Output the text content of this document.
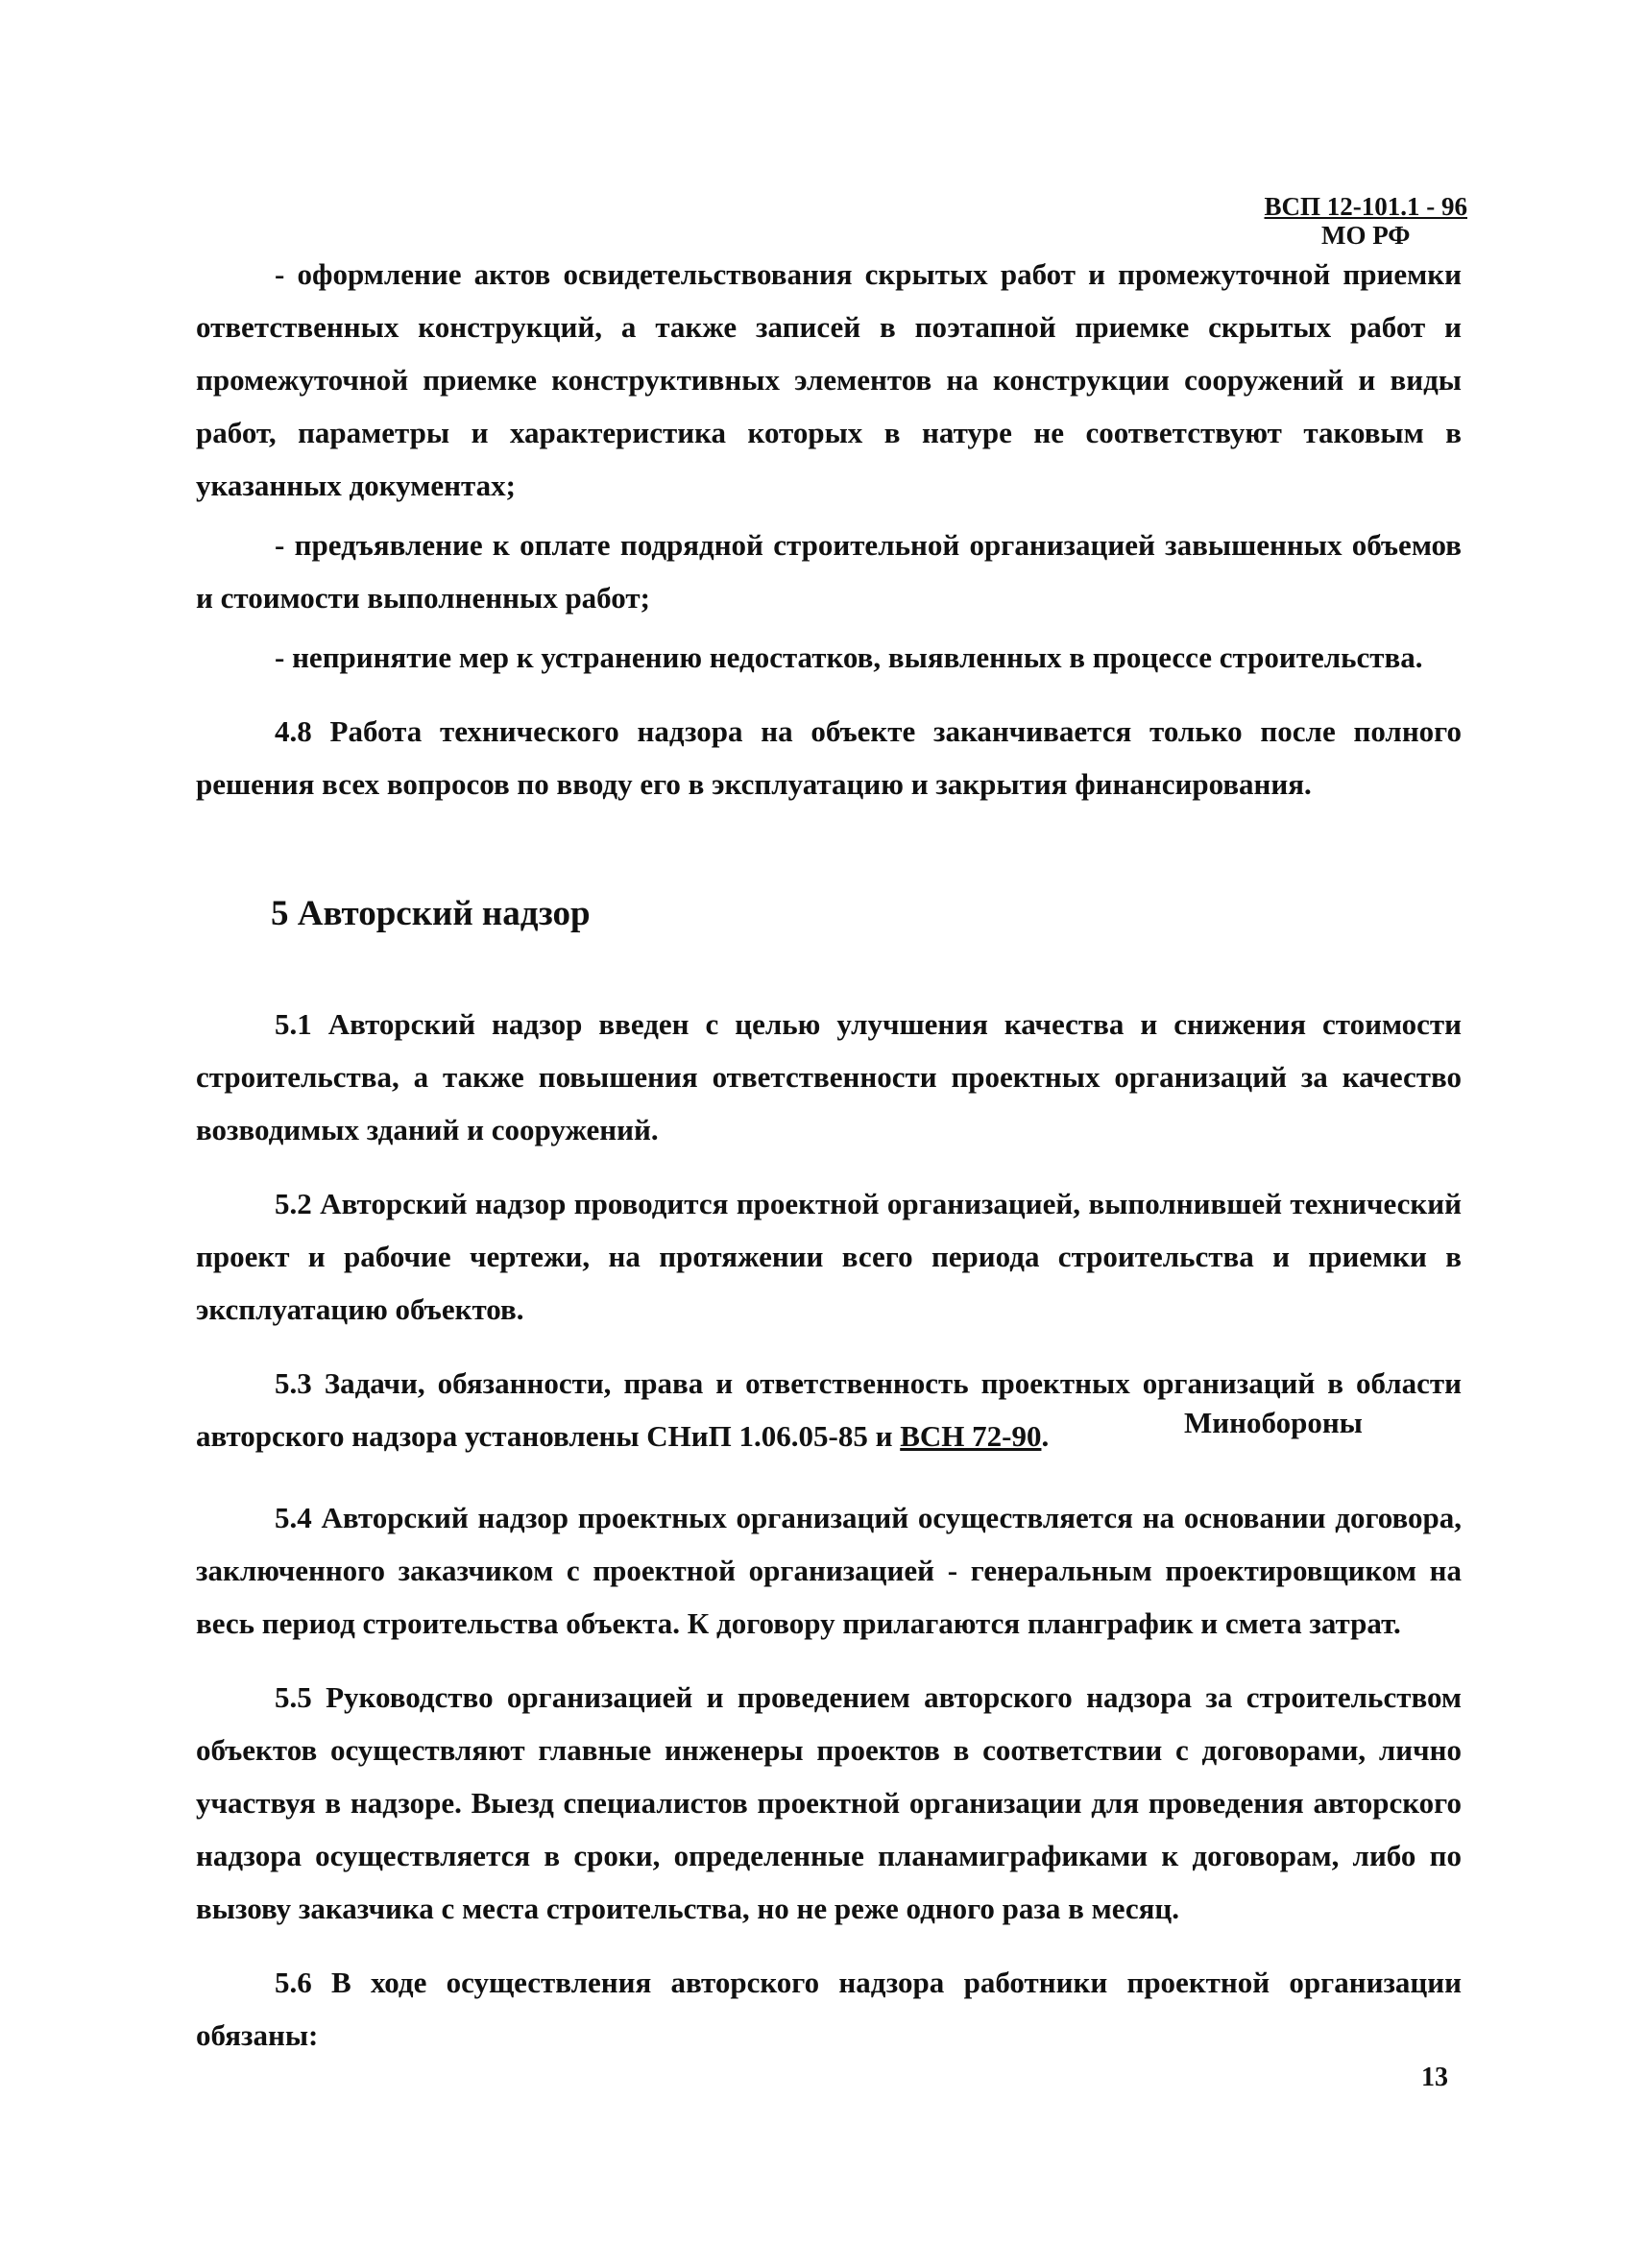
ВСП 12-101.1 - 96
МО РФ

- оформление актов освидетельствования скрытых работ и промежуточной приемки ответственных конструкций, а также записей в поэтапной приемке скрытых работ и промежуточной приемке конструктивных элементов на конструкции сооружений и виды работ, параметры и характеристика которых в натуре не соответствуют таковым в указанных документах;

- предъявление к оплате подрядной строительной организацией завышенных объемов и стоимости выполненных работ;

- непринятие мер к устранению недостатков, выявленных в процессе строительства.

4.8 Работа технического надзора на объекте заканчивается только после полного решения всех вопросов по вводу его в эксплуатацию и закрытия финансирования.

5 Авторский надзор

5.1 Авторский надзор введен с целью улучшения качества и снижения стоимости строительства, а также повышения ответственности проектных организаций за качество возводимых зданий и сооружений.

5.2 Авторский надзор проводится проектной организацией, выполнившей технический проект и рабочие чертежи, на протяжении всего периода строительства и приемки в эксплуатацию объектов.

5.3 Задачи, обязанности, права и ответственность проектных организаций в области авторского надзора установлены СНиП 1.06.05-85 и ВСН 72-90.	Минобороны

5.4 Авторский надзор проектных организаций осуществляется на основании договора, заключенного заказчиком с проектной организацией - генеральным проектировщиком на весь период строительства объекта. К договору прилагаются планграфик и смета затрат.

5.5 Руководство организацией и проведением авторского надзора за строительством объектов осуществляют главные инженеры проектов в соответствии с договорами, лично участвуя в надзоре. Выезд специалистов проектной организации для проведения авторского надзора осуществляется в сроки, определенные планамиграфиками к договорам, либо по вызову заказчика с места строительства, но не реже одного раза в месяц.

5.6 В ходе осуществления авторского надзора работники проектной организации обязаны:

13
